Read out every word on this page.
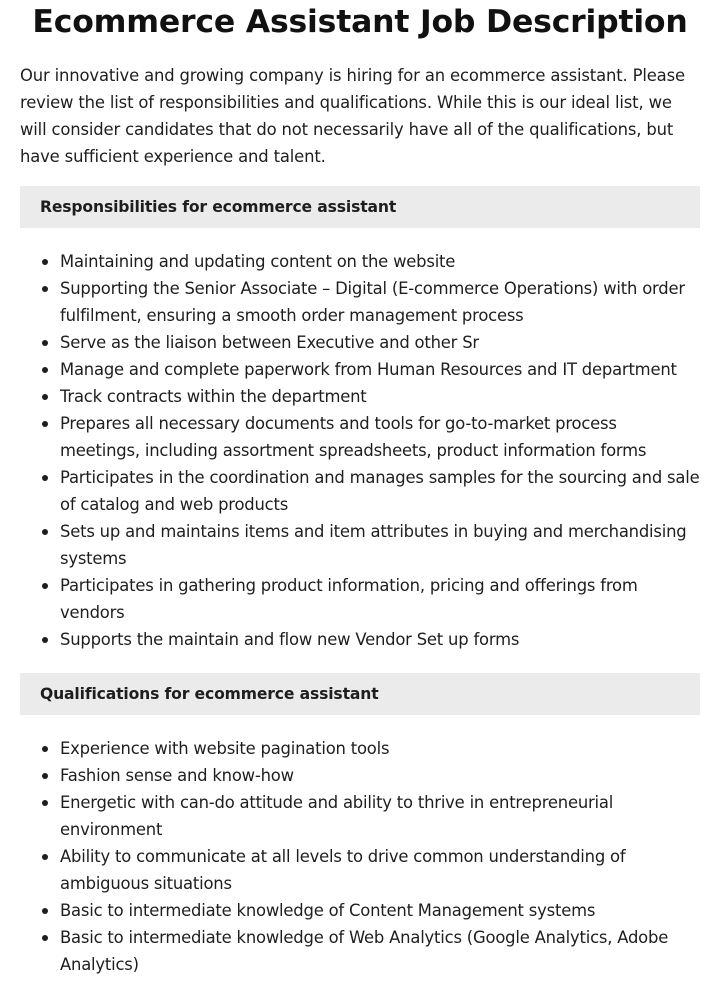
Ecommerce Assistant Job Description

Our innovative and growing company is hiring for an ecommerce assistant. Please review the list of responsibilities and qualifications. While this is our ideal list, we will consider candidates that do not necessarily have all of the qualifications, but have sufficient experience and talent.

Responsibilities for ecommerce assistant
Maintaining and updating content on the website
Supporting the Senior Associate – Digital (E-commerce Operations) with order fulfilment, ensuring a smooth order management process
Serve as the liaison between Executive and other Sr
Manage and complete paperwork from Human Resources and IT department
Track contracts within the department
Prepares all necessary documents and tools for go-to-market process meetings, including assortment spreadsheets, product information forms
Participates in the coordination and manages samples for the sourcing and sale of catalog and web products
Sets up and maintains items and item attributes in buying and merchandising systems
Participates in gathering product information, pricing and offerings from vendors
Supports the maintain and flow new Vendor Set up forms
Qualifications for ecommerce assistant
Experience with website pagination tools
Fashion sense and know-how
Energetic with can-do attitude and ability to thrive in entrepreneurial environment
Ability to communicate at all levels to drive common understanding of ambiguous situations
Basic to intermediate knowledge of Content Management systems
Basic to intermediate knowledge of Web Analytics (Google Analytics, Adobe Analytics)
